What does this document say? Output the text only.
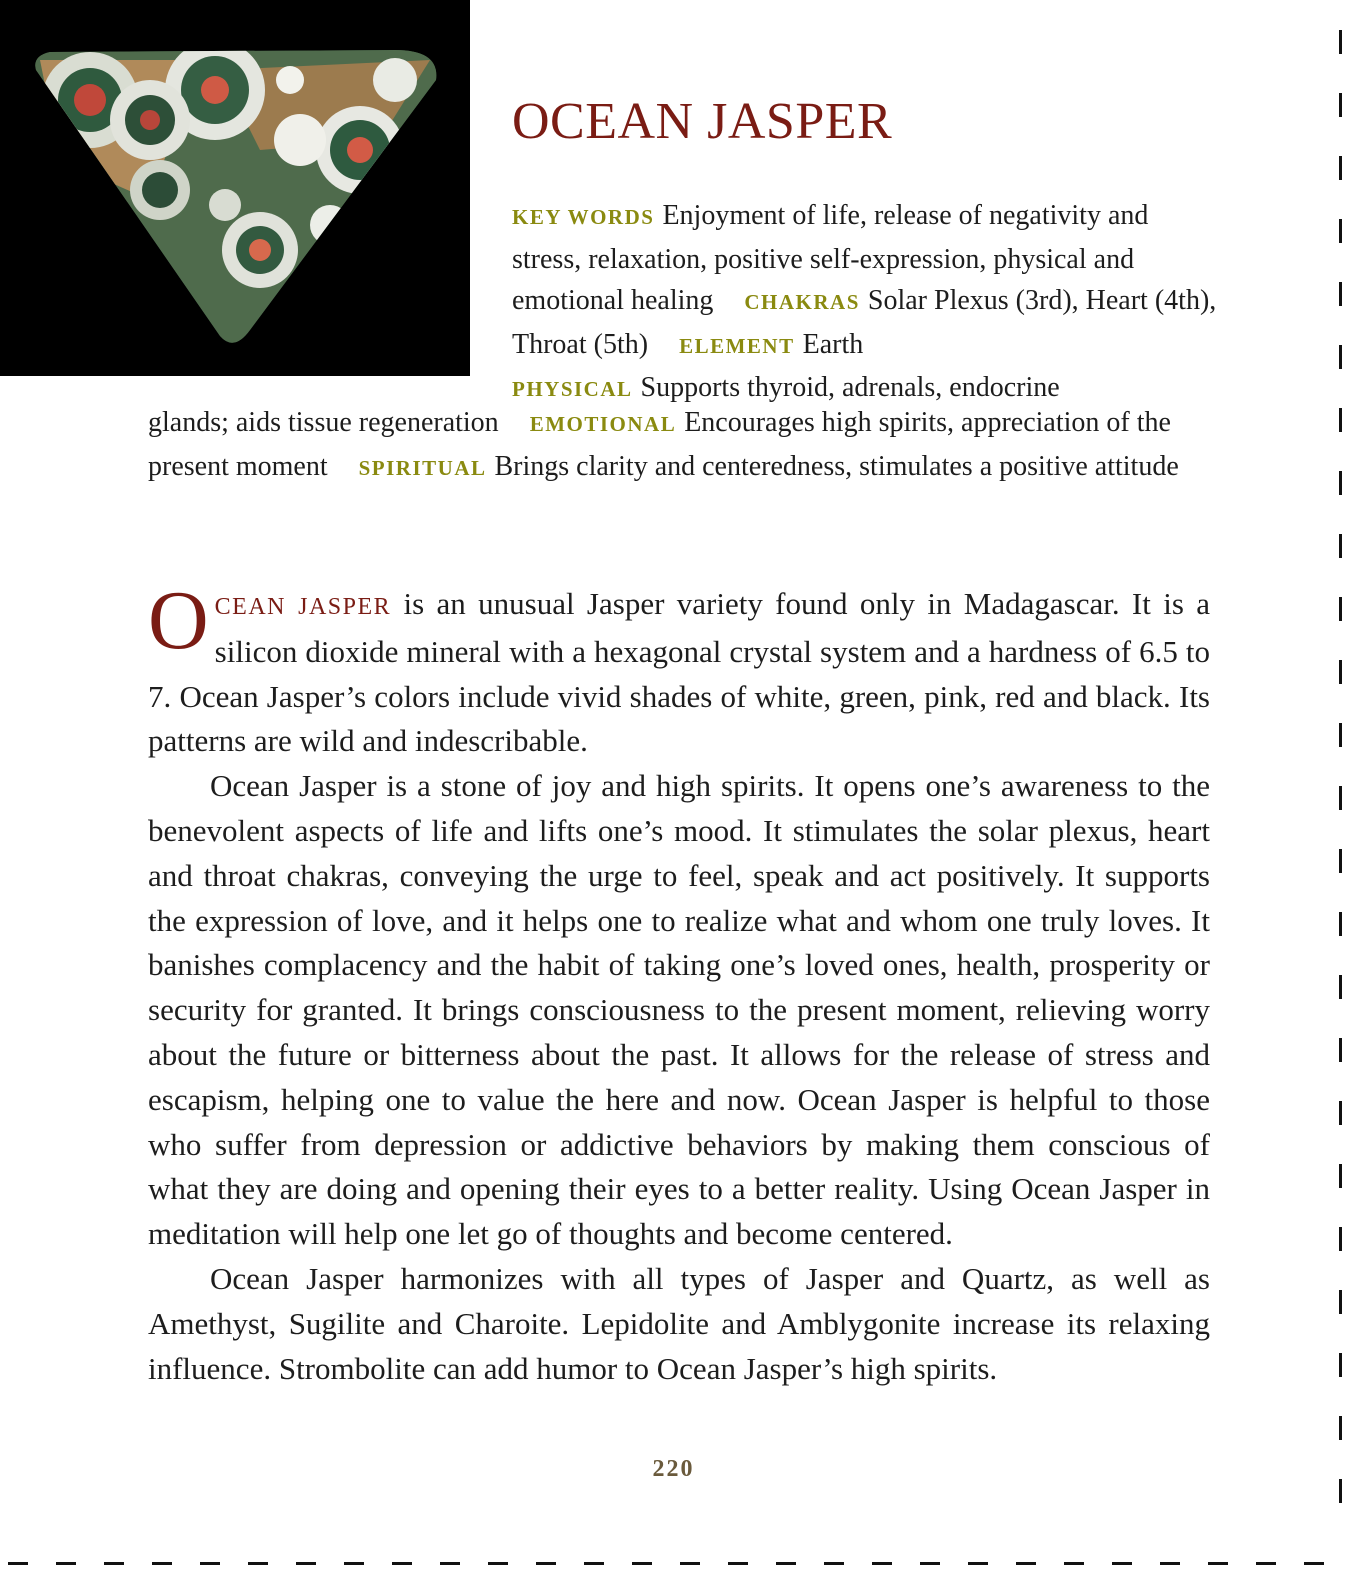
OCEAN JASPER
KEY WORDS Enjoyment of life, release of negativity and stress, relaxation, positive self-expression, physical and emotional healing CHAKRAS Solar Plexus (3rd), Heart (4th), Throat (5th) ELEMENT Earth
PHYSICAL Supports thyroid, adrenals, endocrine
glands; aids tissue regeneration EMOTIONAL Encourages high spirits, appreciation of the present moment SPIRITUAL Brings clarity and centeredness, stimulates a positive attitude

OCEAN JASPER is an unusual Jasper variety found only in Madagascar. It is a silicon dioxide mineral with a hexagonal crystal system and a hardness of 6.5 to 7. Ocean Jasper’s colors include vivid shades of white, green, pink, red and black. Its patterns are wild and indescribable.

Ocean Jasper is a stone of joy and high spirits. It opens one’s awareness to the benevolent aspects of life and lifts one’s mood. It stimulates the solar plexus, heart and throat chakras, conveying the urge to feel, speak and act positively. It supports the expression of love, and it helps one to realize what and whom one truly loves. It banishes complacency and the habit of taking one’s loved ones, health, prosperity or security for granted. It brings consciousness to the present moment, relieving worry about the future or bitterness about the past. It allows for the release of stress and escapism, helping one to value the here and now. Ocean Jasper is helpful to those who suffer from depression or addictive behaviors by making them conscious of what they are doing and opening their eyes to a better reality. Using Ocean Jasper in meditation will help one let go of thoughts and become centered.

Ocean Jasper harmonizes with all types of Jasper and Quartz, as well as Amethyst, Sugilite and Charoite. Lepidolite and Amblygonite increase its relaxing influence. Strombolite can add humor to Ocean Jasper’s high spirits.

220
